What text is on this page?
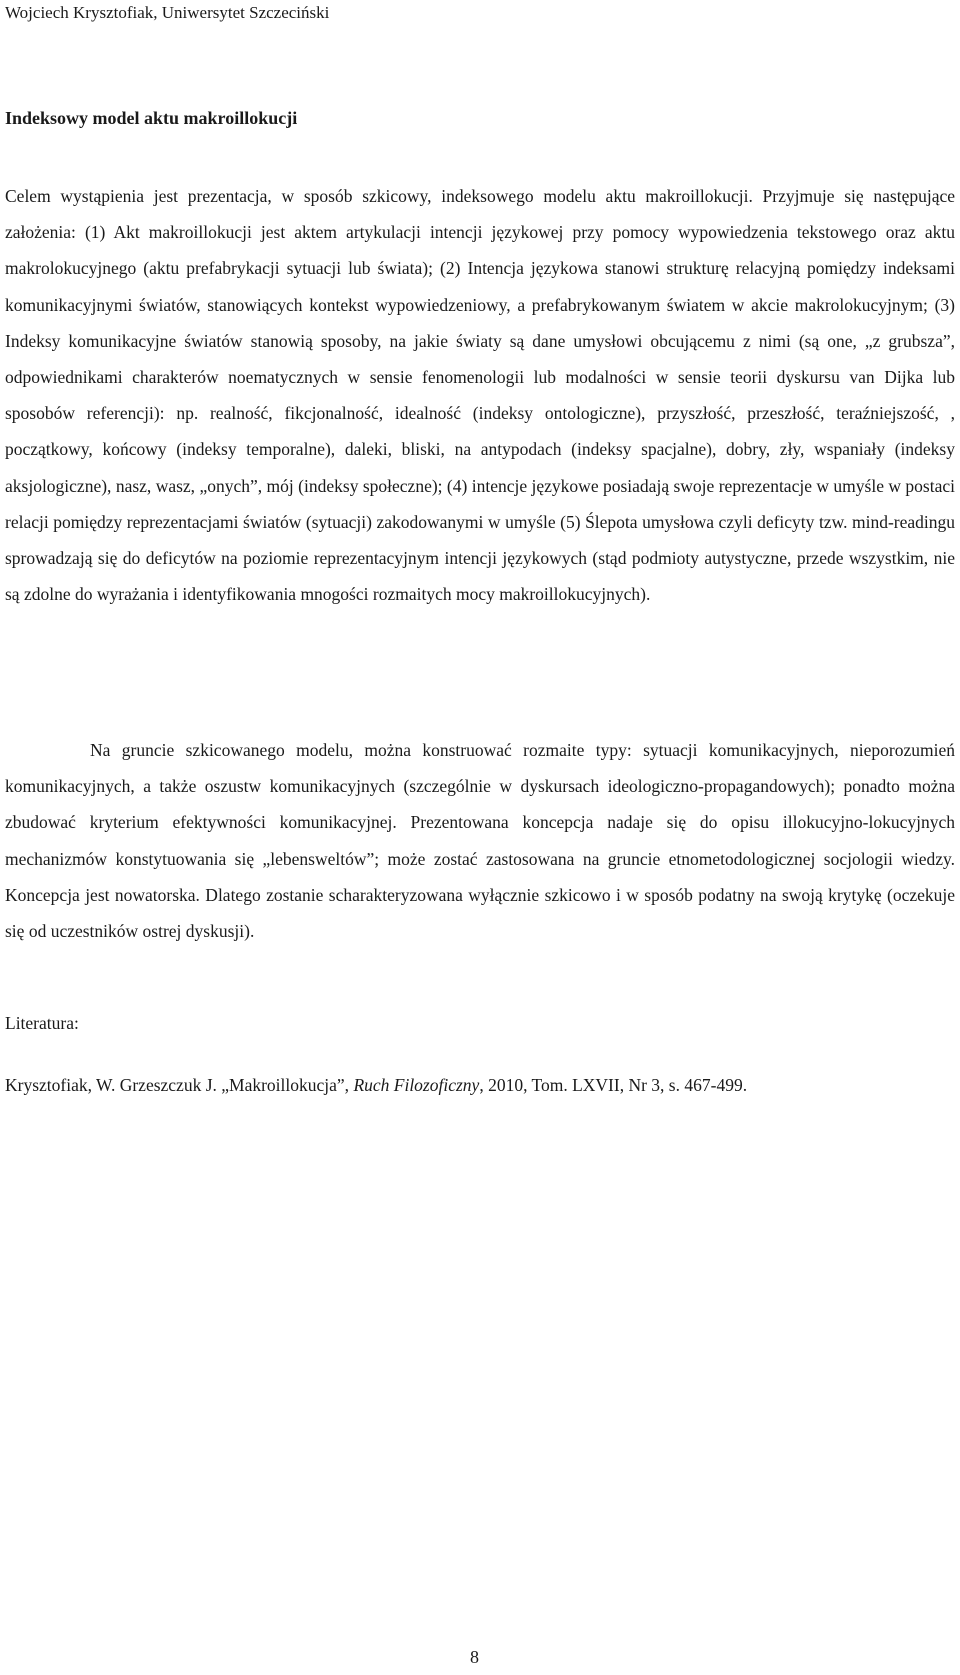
Wojciech Krysztofiak, Uniwersytet Szczeciński
Indeksowy model aktu makroillokucji

Celem wystąpienia jest prezentacja, w sposób szkicowy, indeksowego modelu aktu makroillokucji. Przyjmuje się następujące założenia: (1) Akt makroillokucji jest aktem artykulacji intencji językowej przy pomocy wypowiedzenia tekstowego oraz aktu makrolokucyjnego (aktu prefabrykacji sytuacji lub świata); (2) Intencja językowa stanowi strukturę relacyjną pomiędzy indeksami komunikacyjnymi światów, stanowiących kontekst wypowiedzeniowy, a prefabrykowanym światem w akcie makrolokucyjnym; (3) Indeksy komunikacyjne światów stanowią sposoby, na jakie światy są dane umysłowi obcującemu z nimi (są one, „z grubsza”, odpowiednikami charakterów noematycznych w sensie fenomenologii lub modalności w sensie teorii dyskursu van Dijka lub sposobów referencji): np. realność, fikcjonalność, idealność (indeksy ontologiczne), przyszłość, przeszłość, teraźniejszość, , początkowy, końcowy (indeksy temporalne), daleki, bliski, na antypodach (indeksy spacjalne), dobry, zły, wspaniały (indeksy aksjologiczne), nasz, wasz, „onych”, mój (indeksy społeczne); (4) intencje językowe posiadają swoje reprezentacje w umyśle w postaci relacji pomiędzy reprezentacjami światów (sytuacji) zakodowanymi w umyśle (5) Ślepota umysłowa czyli deficyty tzw. mind-readingu sprowadzają się do deficytów na poziomie reprezentacyjnym intencji językowych (stąd podmioty autystyczne, przede wszystkim, nie są zdolne do wyrażania i identyfikowania mnogości rozmaitych mocy makroillokucyjnych).

Na gruncie szkicowanego modelu, można konstruować rozmaite typy: sytuacji komunikacyjnych, nieporozumień komunikacyjnych, a także oszustw komunikacyjnych (szczególnie w dyskursach ideologiczno-propagandowych); ponadto można zbudować kryterium efektywności komunikacyjnej. Prezentowana koncepcja nadaje się do opisu illokucyjno-lokucyjnych mechanizmów konstytuowania się „lebensweltów”; może zostać zastosowana na gruncie etnometodologicznej socjologii wiedzy. Koncepcja jest nowatorska. Dlatego zostanie scharakteryzowana wyłącznie szkicowo i w sposób podatny na swoją krytykę (oczekuje się od uczestników ostrej dyskusji).

Literatura:
Krysztofiak, W. Grzeszczuk J. „Makroillokucja”, Ruch Filozoficzny, 2010, Tom. LXVII, Nr 3, s. 467-499.
8
